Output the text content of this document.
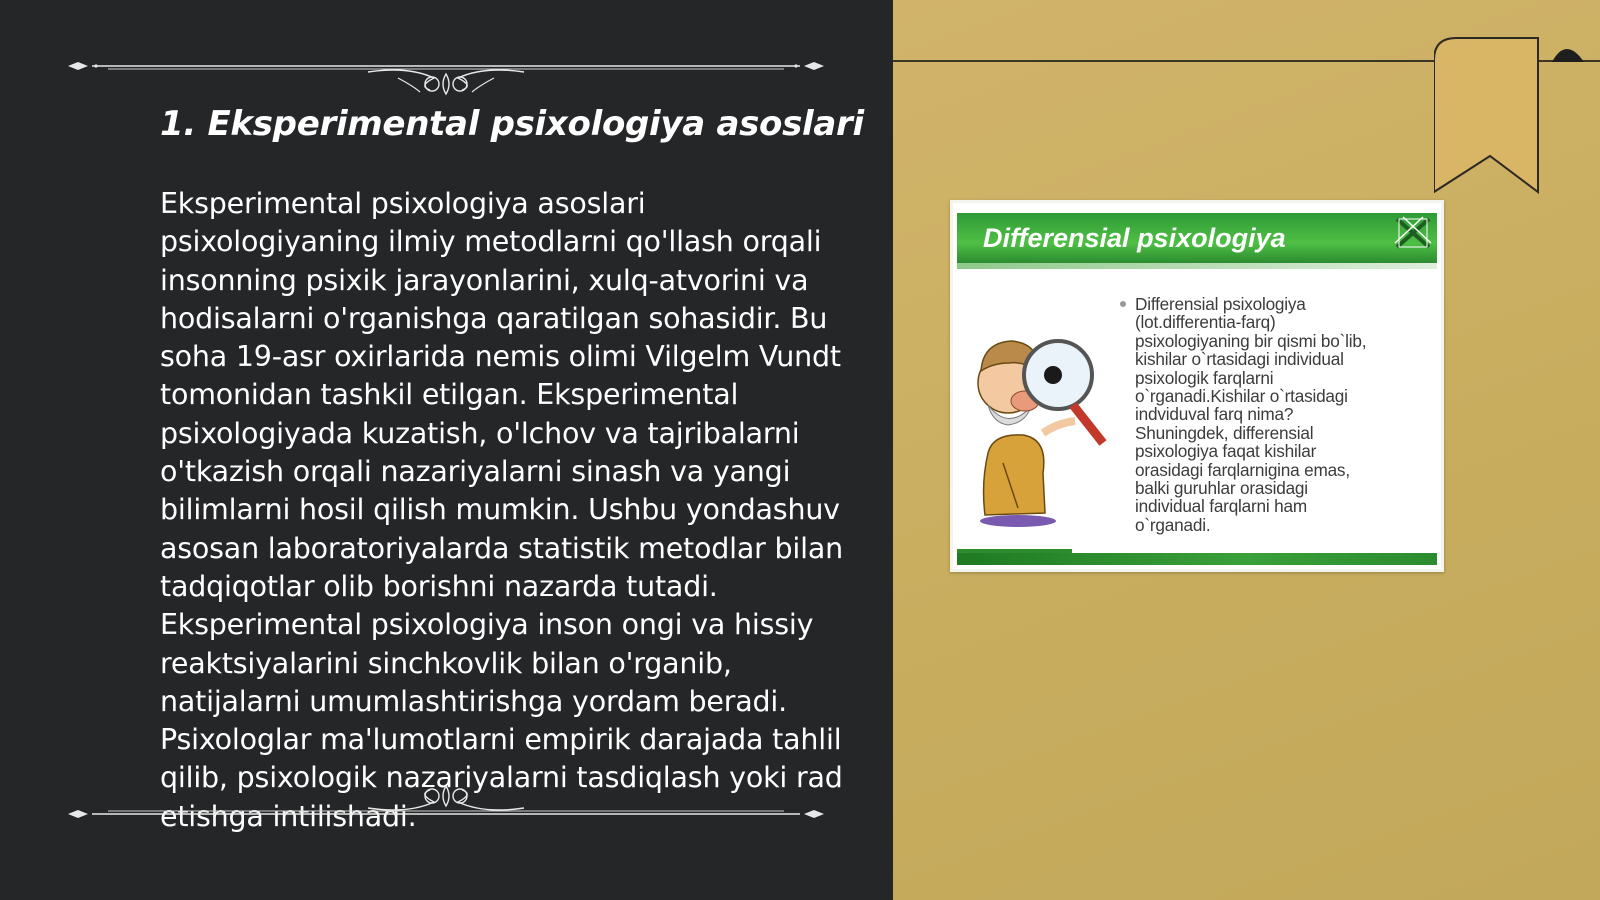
1. Eksperimental psixologiya asoslari

Eksperimental psixologiya asoslari psixologiyaning ilmiy metodlarni qo'llash orqali insonning psixik jarayonlarini, xulq-atvorini va hodisalarni o'rganishga qaratilgan sohasidir. Bu soha 19-asr oxirlarida nemis olimi Vilgelm Vundt tomonidan tashkil etilgan. Eksperimental psixologiyada kuzatish, o'lchov va tajribalarni o'tkazish orqali nazariyalarni sinash va yangi bilimlarni hosil qilish mumkin. Ushbu yondashuv asosan laboratoriyalarda statistik metodlar bilan tadqiqotlar olib borishni nazarda tutadi. Eksperimental psixologiya inson ongi va hissiy reaktsiyalarini sinchkovlik bilan o'rganib, natijalarni umumlashtirishga yordam beradi. Psixologlar ma'lumotlarni empirik darajada tahlil qilib, psixologik nazariyalarni tasdiqlash yoki rad etishga intilishadi.

Differensial psixologiya

Differensial psixologiya
(lot.differentia-farq)
psixologiyaning bir qismi bo`lib,
kishilar o`rtasidagi individual
psixologik farqlarni
o`rganadi.Kishilar o`rtasidagi
indviduval farq nima?
Shuningdek, differensial
psixologiya faqat kishilar
orasidagi farqlarnigina emas,
balki guruhlar orasidagi
individual farqlarni ham
o`rganadi.
